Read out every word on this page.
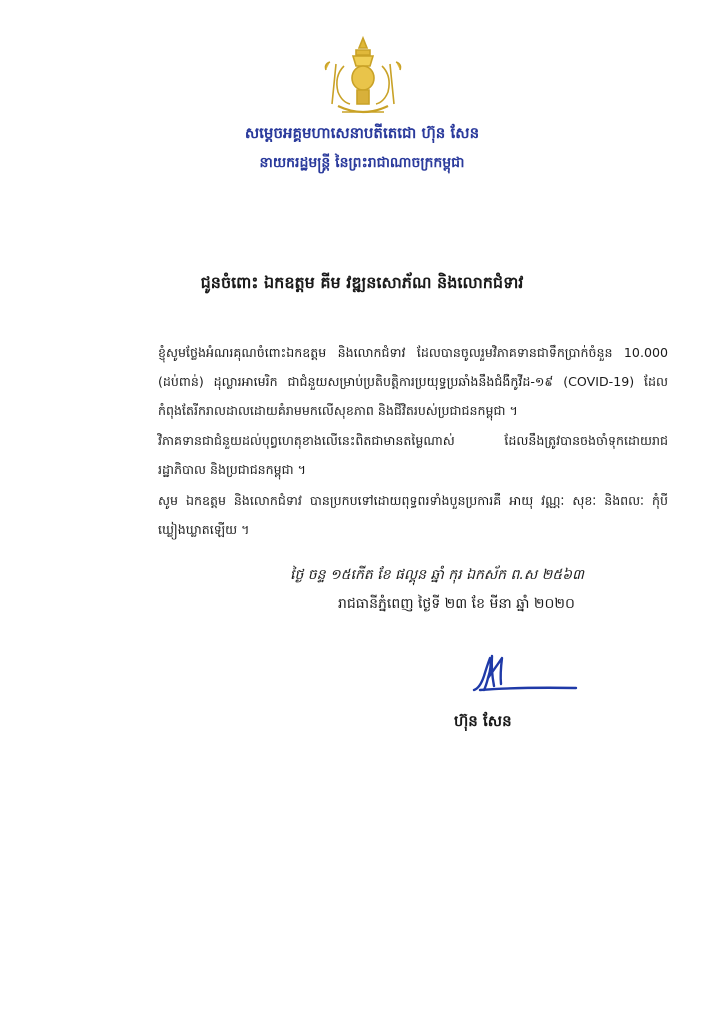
សម្តេចអគ្គមហាសេនាបតីតេជោ ហ៊ុន សែន
នាយករដ្ឋមន្ត្រី នៃព្រះរាជាណាចក្រកម្ពុជា
ជូនចំពោះ ឯកឧត្តម គីម វឌ្ឍនសោភ័ណ និងលោកជំទាវ
ខ្ញុំសូមថ្លែងអំណរគុណចំពោះឯកឧត្តម និងលោកជំទាវ ដែលបានចូលរួមវិភាគទានជាទឹកប្រាក់ចំនួន 10.000 (ដប់ពាន់) ដុល្លារអាមេរិក ជាជំនួយសម្រាប់ប្រតិបត្តិការប្រយុទ្ធប្រឆាំងនឹងជំងឺកូវីដ-១៩ (COVID-19) ដែលកំពុងតែរីករាលដាលដោយគំរាមមកលើសុខភាព និងជីវិតរបស់ប្រជាជនកម្ពុជា ។
វិភាគទានជាជំនួយដល់បុព្វហេតុខាងលើនេះពិតជាមានតម្លៃណាស់ ដែលនឹងត្រូវបានចងចាំទុកដោយរាជរដ្ឋាភិបាល និងប្រជាជនកម្ពុជា ។
សូម ឯកឧត្តម និងលោកជំទាវ បានប្រកបទៅដោយពុទ្ធពរទាំងបួនប្រការគឺ អាយុ វណ្ណៈ សុខៈ និងពលៈ កុំបីឃ្លៀងឃ្លាតឡើយ ។
ថ្ងៃ ចន្ទ ១៥កើត ខែ ផល្គុន ឆ្នាំ កុរ ឯកស័ក ព.ស ២៥៦៣
រាជធានីភ្នំពេញ ថ្ងៃទី ២៣ ខែ មីនា ឆ្នាំ ២០២០
ហ៊ុន សែន
